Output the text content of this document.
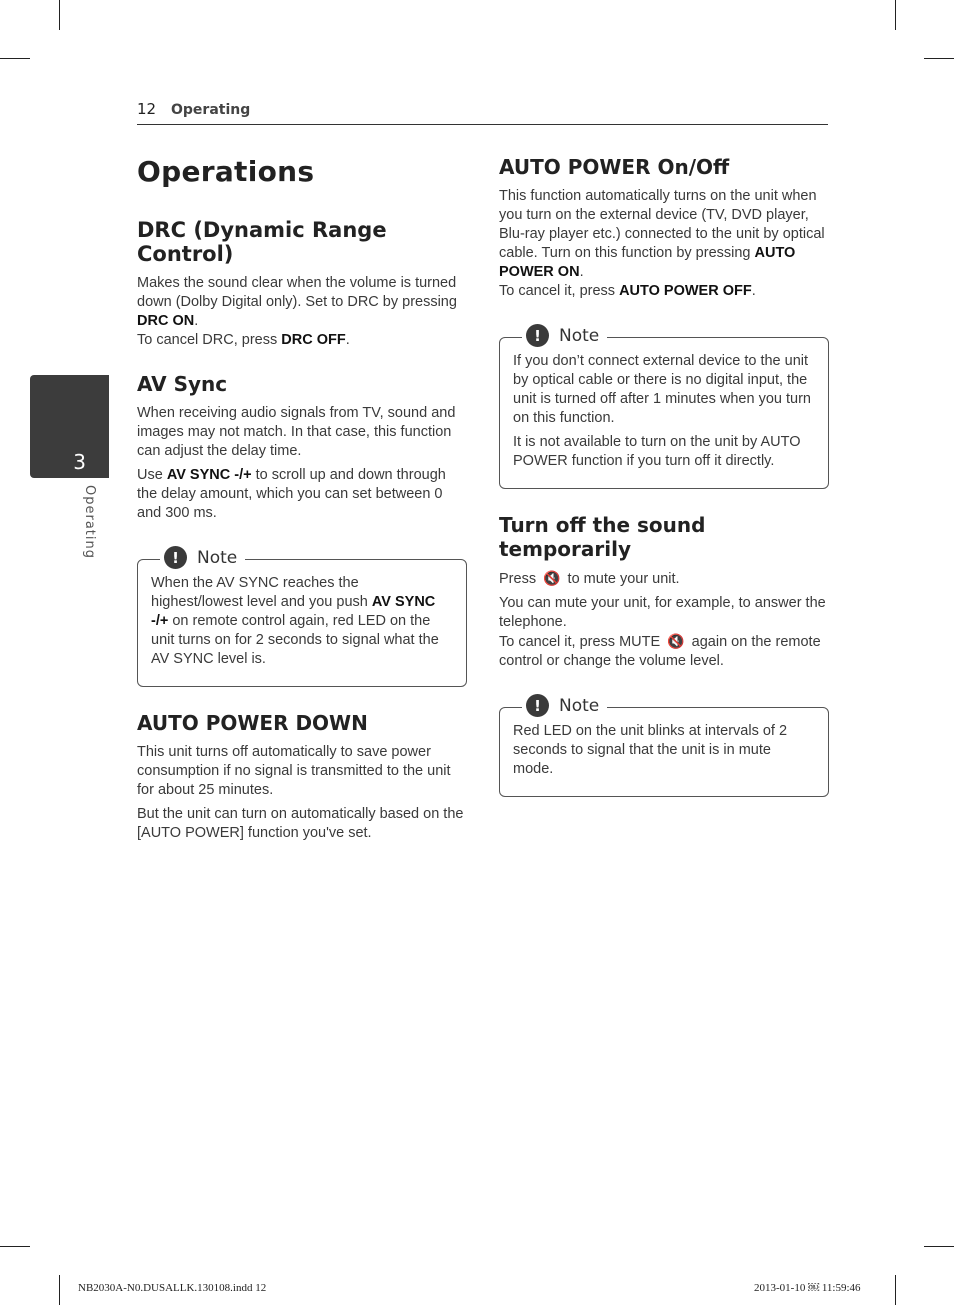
12 Operating
3
Operating
Operations
DRC (Dynamic Range Control)

Makes the sound clear when the volume is turned down (Dolby Digital only). Set to DRC by pressing DRC ON.
To cancel DRC, press DRC OFF.

AV Sync

When receiving audio signals from TV, sound and images may not match. In that case, this function can adjust the delay time.

Use AV SYNC -/+ to scroll up and down through the delay amount, which you can set between 0 and 300 ms.

!	Note

When the AV SYNC reaches the highest/lowest level and you push AV SYNC -/+ on remote control again, red LED on the unit turns on for 2 seconds to signal what the AV SYNC level is.

AUTO POWER DOWN

This unit turns off automatically to save power consumption if no signal is transmitted to the unit for about 25 minutes.

But the unit can turn on automatically based on the [AUTO POWER] function you've set.

AUTO POWER On/Off

This function automatically turns on the unit when you turn on the external device (TV, DVD player, Blu-ray player etc.) connected to the unit by optical cable. Turn on this function by pressing AUTO POWER ON.
To cancel it, press AUTO POWER OFF.

!	Note

If you don’t connect external device to the unit by optical cable or there is no digital input, the unit is turned off after 1 minutes when you turn on this function.

It is not available to turn on the unit by AUTO POWER function if you turn off it directly.

Turn off the sound temporarily

Press 🔇 to mute your unit.

You can mute your unit, for example, to answer the telephone.
To cancel it, press MUTE 🔇 again on the remote control or change the volume level.

!	Note

Red LED on the unit blinks at intervals of 2 seconds to signal that the unit is in mute mode.

NB2030A-N0.DUSALLK.130108.indd 12	2013-01-10 ￼ 11:59:46
